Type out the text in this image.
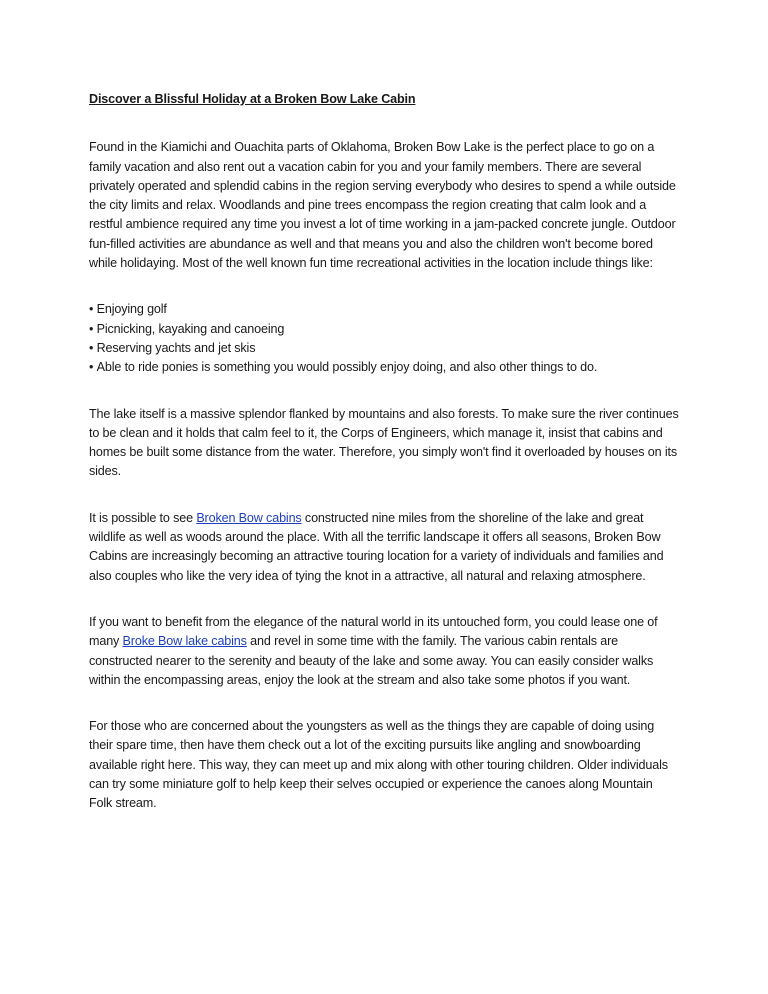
Discover a Blissful Holiday at a Broken Bow Lake Cabin

Found in the Kiamichi and Ouachita parts of Oklahoma, Broken Bow Lake is the perfect place to go on a family vacation and also rent out a vacation cabin for you and your family members. There are several privately operated and splendid cabins in the region serving everybody who desires to spend a while outside the city limits and relax. Woodlands and pine trees encompass the region creating that calm look and a restful ambience required any time you invest a lot of time working in a jam-packed concrete jungle. Outdoor fun-filled activities are abundance as well and that means you and also the children won't become bored while holidaying. Most of the well known fun time recreational activities in the location include things like:

• Enjoying golf
• Picnicking, kayaking and canoeing
• Reserving yachts and jet skis
• Able to ride ponies is something you would possibly enjoy doing, and also other things to do.

The lake itself is a massive splendor flanked by mountains and also forests. To make sure the river continues to be clean and it holds that calm feel to it, the Corps of Engineers, which manage it, insist that cabins and homes be built some distance from the water. Therefore, you simply won't find it overloaded by houses on its sides.

It is possible to see Broken Bow cabins constructed nine miles from the shoreline of the lake and great wildlife as well as woods around the place. With all the terrific landscape it offers all seasons, Broken Bow Cabins are increasingly becoming an attractive touring location for a variety of individuals and families and also couples who like the very idea of tying the knot in a attractive, all natural and relaxing atmosphere.

If you want to benefit from the elegance of the natural world in its untouched form, you could lease one of many Broke Bow lake cabins and revel in some time with the family. The various cabin rentals are constructed nearer to the serenity and beauty of the lake and some away. You can easily consider walks within the encompassing areas, enjoy the look at the stream and also take some photos if you want.

For those who are concerned about the youngsters as well as the things they are capable of doing using their spare time, then have them check out a lot of the exciting pursuits like angling and snowboarding available right here. This way, they can meet up and mix along with other touring children. Older individuals can try some miniature golf to help keep their selves occupied or experience the canoes along Mountain Folk stream.
